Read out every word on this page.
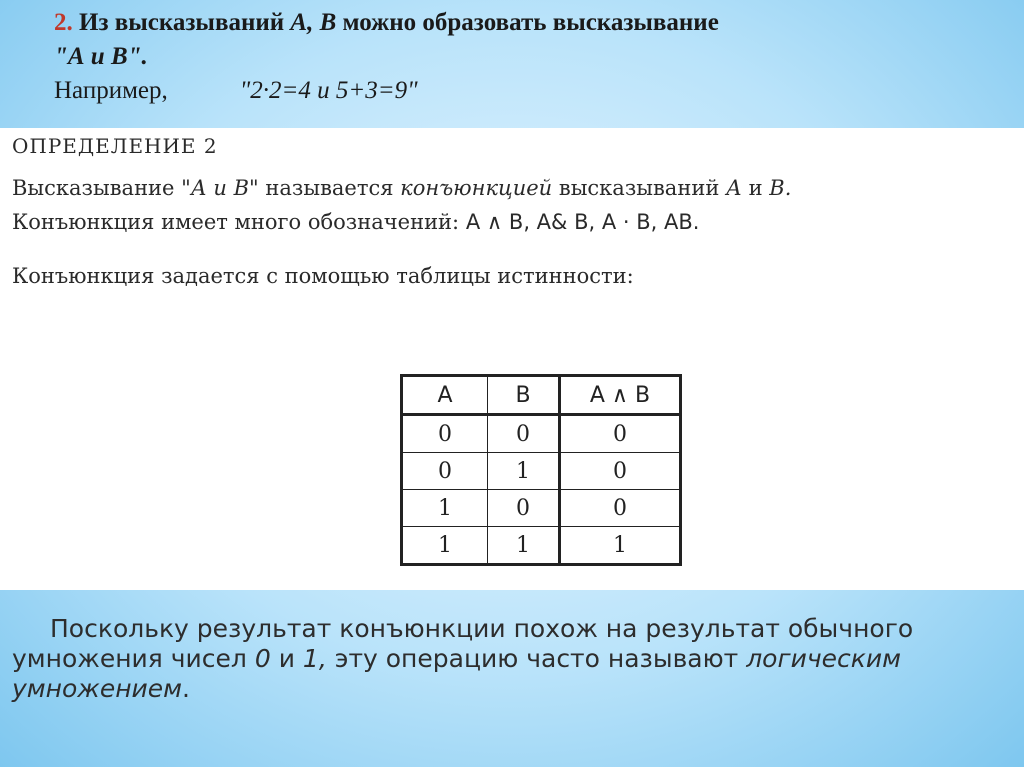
2. Из высказываний А, В можно образовать высказывание
"А и В".
Например,	"2·2=4 и 5+3=9"
ОПРЕДЕЛЕНИЕ 2
Высказывание "А и В" называется конъюнкцией высказываний А и В.
Конъюнкция имеет много обозначений: A ∧ B, A& B, A · B, AB.
Конъюнкция задается с помощью таблицы истинности:
A	B	A ∧ B
0	0	0
0	1	0
1	0	0
1	1	1
Поскольку результат конъюнкции похож на результат обычного умножения чисел 0 и 1, эту операцию часто называют логическим умножением.
